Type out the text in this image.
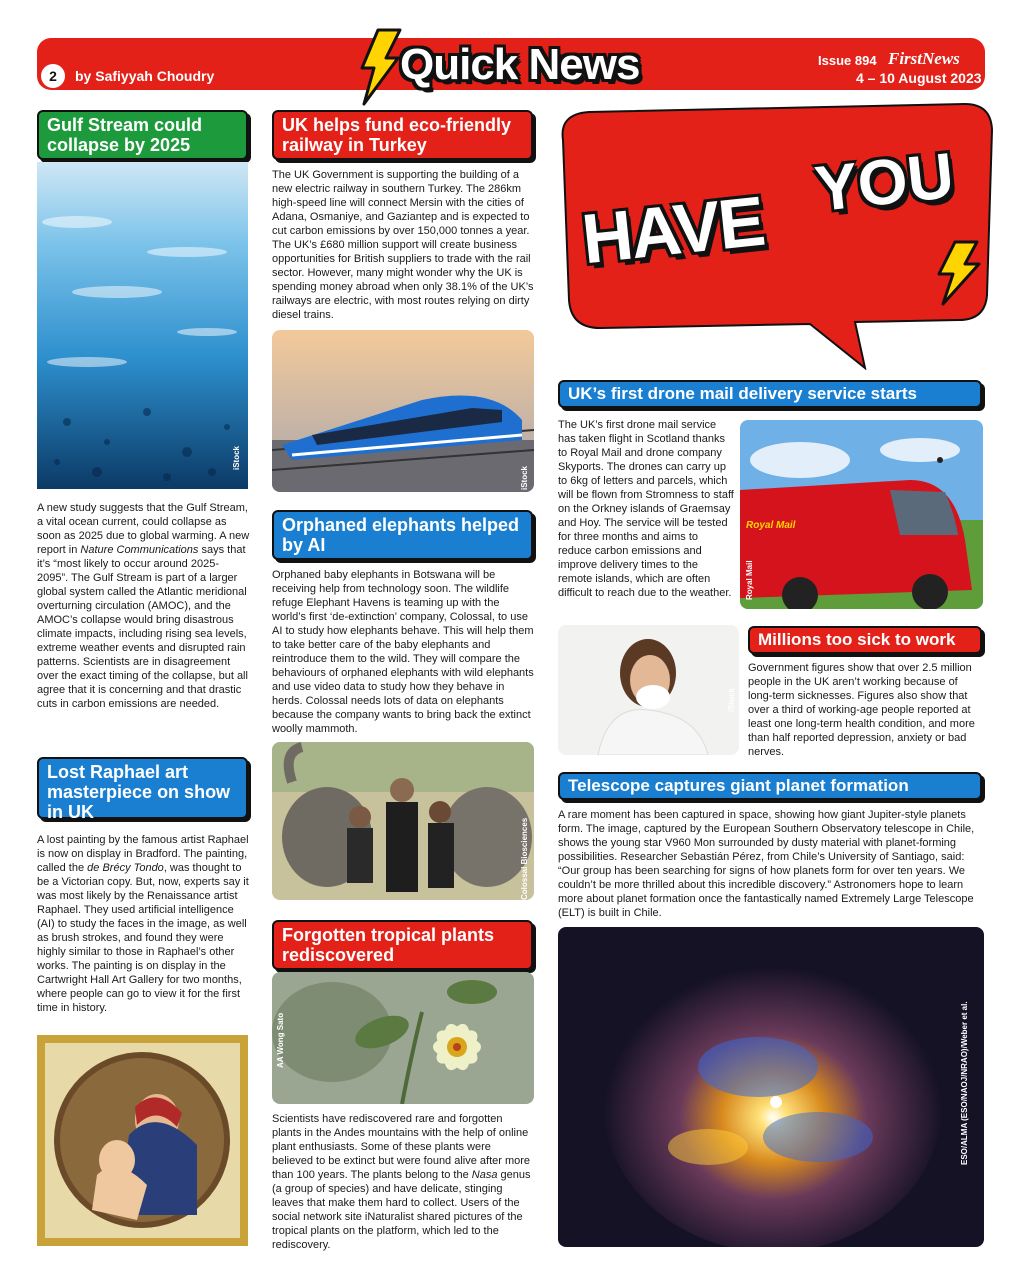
2	by Safiyyah Choudry	Quick News	Issue 894 FirstNews
4 – 10 August 2023
Gulf Stream could collapse by 2025
iStock
A new study suggests that the Gulf Stream, a vital ocean current, could collapse as soon as 2025 due to global warming. A new report in Nature Communications says that it’s “most likely to occur around 2025-2095”. The Gulf Stream is part of a larger global system called the Atlantic meridional overturning circulation (AMOC), and the AMOC’s collapse would bring disastrous climate impacts, including rising sea levels, extreme weather events and disrupted rain patterns. Scientists are in disagreement over the exact timing of the collapse, but all agree that it is concerning and that drastic cuts in carbon emissions are needed.
Lost Raphael art masterpiece on show in UK
A lost painting by the famous artist Raphael is now on display in Bradford. The painting, called the de Brécy Tondo, was thought to be a Victorian copy. But, now, experts say it was most likely by the Renaissance artist Raphael. They used artificial intelligence (AI) to study the faces in the image, as well as brush strokes, and found they were highly similar to those in Raphael’s other works. The painting is on display in the Cartwright Hall Art Gallery for two months, where people can go to view it for the first time in history.
UK helps fund eco-friendly railway in Turkey
The UK Government is supporting the building of a new electric railway in southern Turkey. The 286km high-speed line will connect Mersin with the cities of Adana, Osmaniye, and Gaziantep and is expected to cut carbon emissions by over 150,000 tonnes a year. The UK’s £680 million support will create business opportunities for British suppliers to trade with the rail sector. However, many might wonder why the UK is spending money abroad when only 38.1% of the UK’s railways are electric, with most routes relying on dirty diesel trains.
iStock
Orphaned elephants helped by AI
Orphaned baby elephants in Botswana will be receiving help from technology soon. The wildlife refuge Elephant Havens is teaming up with the world’s first ‘de-extinction’ company, Colossal, to use AI to study how elephants behave. This will help them to take better care of the baby elephants and reintroduce them to the wild. They will compare the behaviours of orphaned elephants with wild elephants and use video data to study how they behave in herds. Colossal needs lots of data on elephants because the company wants to bring back the extinct woolly mammoth.
Colossal Biosciences
Forgotten tropical plants rediscovered
AA Wong Sato
Scientists have rediscovered rare and forgotten plants in the Andes mountains with the help of online plant enthusiasts. Some of these plants were believed to be extinct but were found alive after more than 100 years. The plants belong to the Nasa genus (a group of species) and have delicate, stinging leaves that make them hard to collect. Users of the social network site iNaturalist shared pictures of the tropical plants on the platform, which led to the rediscovery.
HAVE YOU
UK’s first drone mail delivery service starts
The UK’s first drone mail service has taken flight in Scotland thanks to Royal Mail and drone company Skyports. The drones can carry up to 6kg of letters and parcels, which will be flown from Stromness to staff on the Orkney islands of Graemsay and Hoy. The service will be tested for three months and aims to reduce carbon emissions and improve delivery times to the remote islands, which are often difficult to reach due to the weather.
Royal Mail
Royal Mail
iStock
Millions too sick to work
Government figures show that over 2.5 million people in the UK aren’t working because of long-term sicknesses. Figures also show that over a third of working-age people reported at least one long-term health condition, and more than half reported depression, anxiety or bad nerves.
Telescope captures giant planet formation
A rare moment has been captured in space, showing how giant Jupiter-style planets form. The image, captured by the European Southern Observatory telescope in Chile, shows the young star V960 Mon surrounded by dusty material with planet-forming possibilities. Researcher Sebastián Pérez, from Chile’s University of Santiago, said: “Our group has been searching for signs of how planets form for over ten years. We couldn’t be more thrilled about this incredible discovery.” Astronomers hope to learn more about planet formation once the fantastically named Extremely Large Telescope (ELT) is built in Chile.
ESO/ALMA (ESO/NAOJ/NRAO)/Weber et al.
